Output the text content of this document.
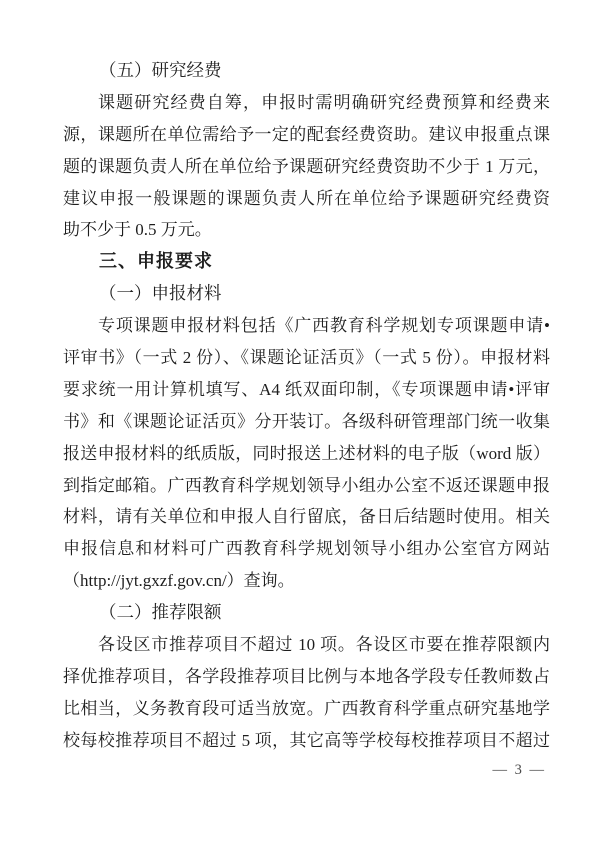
（五）研究经费
课题研究经费自筹，申报时需明确研究经费预算和经费来
源，课题所在单位需给予一定的配套经费资助。建议申报重点课
题的课题负责人所在单位给予课题研究经费资助不少于 1 万元，
建议申报一般课题的课题负责人所在单位给予课题研究经费资
助不少于 0.5 万元。
三、申报要求
（一）申报材料
专项课题申报材料包括《广西教育科学规划专项课题申请•
评审书》（一式 2 份）、《课题论证活页》（一式 5 份）。申报材料
要求统一用计算机填写、A4 纸双面印制，《专项课题申请•评审
书》和《课题论证活页》分开装订。各级科研管理部门统一收集
报送申报材料的纸质版，同时报送上述材料的电子版（word 版）
到指定邮箱。广西教育科学规划领导小组办公室不返还课题申报
材料，请有关单位和申报人自行留底，备日后结题时使用。相关
申报信息和材料可广西教育科学规划领导小组办公室官方网站
（http://jyt.gxzf.gov.cn/）查询。
（二）推荐限额
各设区市推荐项目不超过 10 项。各设区市要在推荐限额内
择优推荐项目，各学段推荐项目比例与本地各学段专任教师数占
比相当，义务教育段可适当放宽。广西教育科学重点研究基地学
校每校推荐项目不超过 5 项，其它高等学校每校推荐项目不超过
— 3 —
